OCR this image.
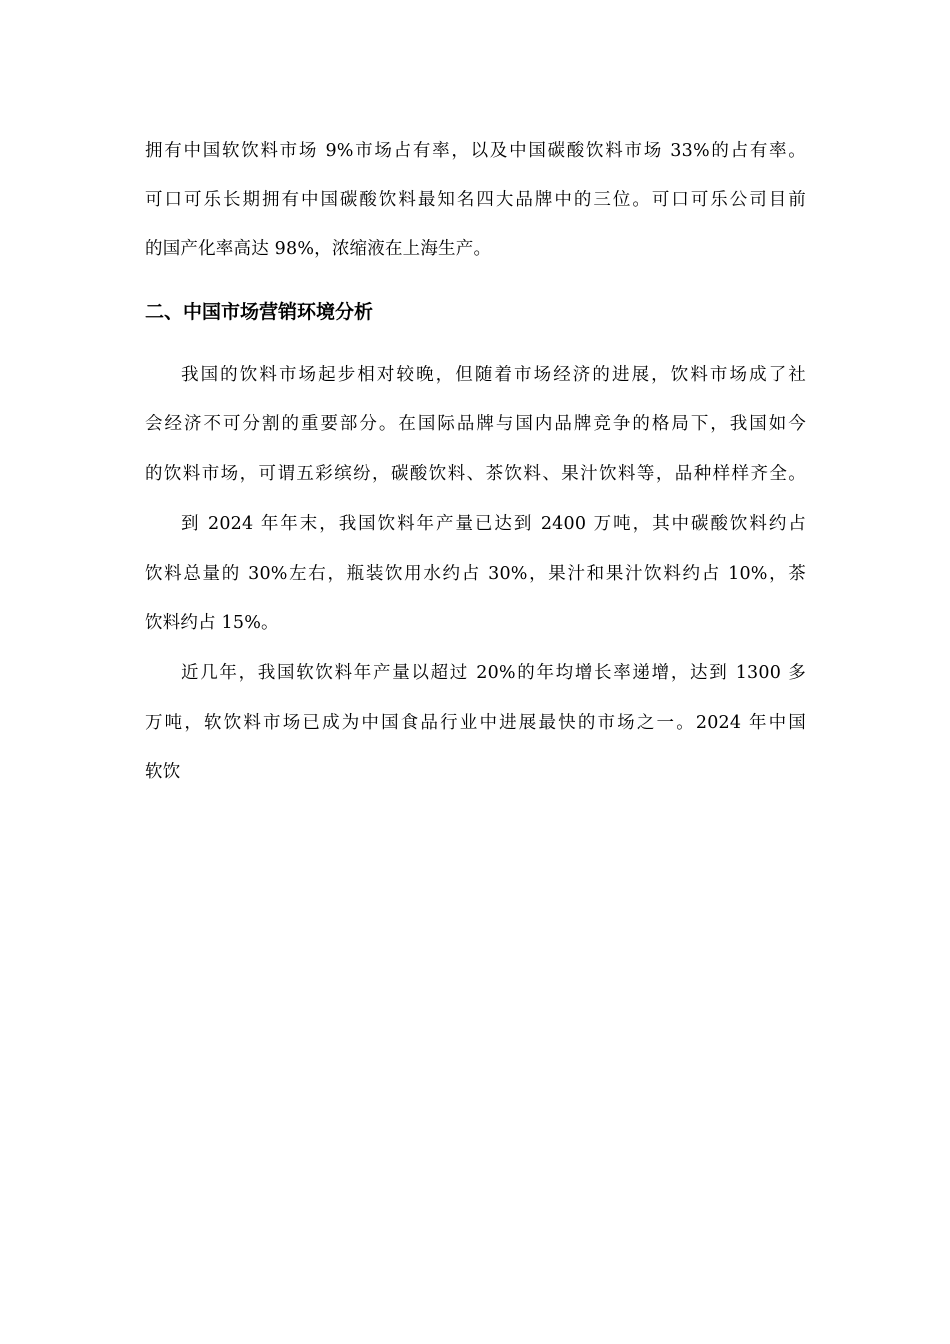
拥有中国软饮料市场 9%市场占有率，以及中国碳酸饮料市场 33%的占有率。
可口可乐长期拥有中国碳酸饮料最知名四大品牌中的三位。可口可乐公司目前
的国产化率高达 98%，浓缩液在上海生产。
二、中国市场营销环境分析
我国的饮料市场起步相对较晚，但随着市场经济的进展，饮料市场成了社
会经济不可分割的重要部分。在国际品牌与国内品牌竞争的格局下，我国如今
的饮料市场，可谓五彩缤纷，碳酸饮料、茶饮料、果汁饮料等，品种样样齐全。
到 2024 年年末，我国饮料年产量已达到 2400 万吨，其中碳酸饮料约占
饮料总量的 30%左右，瓶装饮用水约占 30%，果汁和果汁饮料约占 10%，茶
饮料约占 15%。
近几年，我国软饮料年产量以超过 20%的年均增长率递增，达到 1300 多
万吨，软饮料市场已成为中国食品行业中进展最快的市场之一。2024 年中国
软饮
